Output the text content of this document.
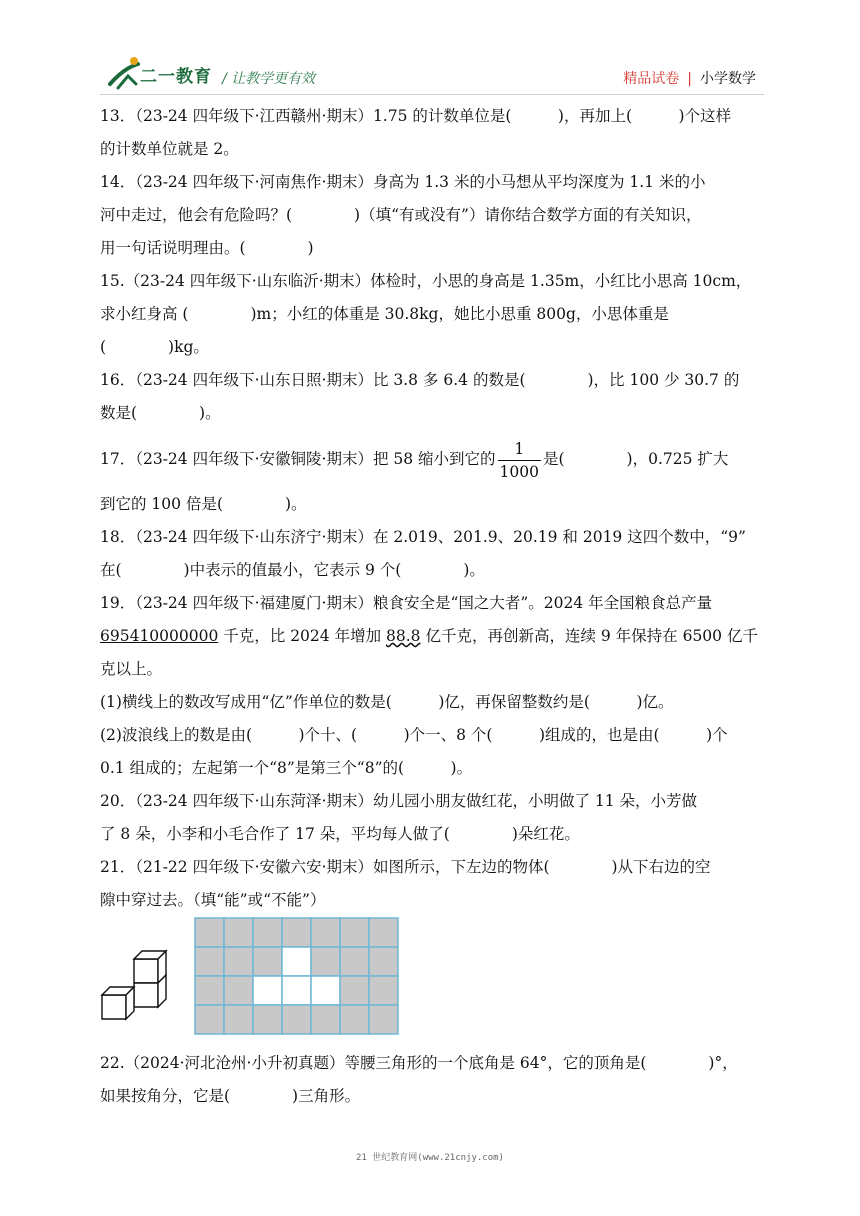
二一教育 / 让教学更有效	精品试卷 | 小学数学
13．（23-24 四年级下·江西赣州·期末）1.75 的计数单位是(　　　)，再加上(　　　)个这样
的计数单位就是 2。
14．（23-24 四年级下·河南焦作·期末）身高为 1.3 米的小马想从平均深度为 1.1 米的小
河中走过，他会有危险吗？(　　　　)（填“有或没有”）请你结合数学方面的有关知识，
用一句话说明理由。(　　　　)
15.（23-24 四年级下·山东临沂·期末）体检时，小思的身高是 1.35m，小红比小思高 10cm，
求小红身高 (　　　　)m；小红的体重是 30.8kg，她比小思重 800g，小思体重是
(　　　　)kg。
16．（23-24 四年级下·山东日照·期末）比 3.8 多 6.4 的数是(　　　　)，比 100 少 30.7 的
数是(　　　　)。
17．（23-24 四年级下·安徽铜陵·期末）把 58 缩小到它的 $\frac{1}{1000}$ 是(　　　　)，0.725 扩大
到它的 100 倍是(　　　　)。
18．（23-24 四年级下·山东济宁·期末）在 2.019、201.9、20.19 和 2019 这四个数中，“9”
在(　　　　)中表示的值最小，它表示 9 个(　　　　)。
19．（23-24 四年级下·福建厦门·期末）粮食安全是“国之大者”。2024 年全国粮食总产量
695410000000 千克，比 2024 年增加 88.8 亿千克，再创新高，连续 9 年保持在 6500 亿千
克以上。
(1)横线上的数改写成用“亿”作单位的数是(　　　)亿，再保留整数约是(　　　)亿。
(2)波浪线上的数是由(　　　)个十、(　　　)个一、8 个(　　　)组成的，也是由(　　　)个
0.1 组成的；左起第一个“8”是第三个“8”的(　　　)。
20．（23-24 四年级下·山东菏泽·期末）幼儿园小朋友做红花，小明做了 11 朵，小芳做
了 8 朵，小李和小毛合作了 17 朵，平均每人做了(　　　　)朵红花。
21．（21-22 四年级下·安徽六安·期末）如图所示，下左边的物体(　　　　)从下右边的空
隙中穿过去。（填“能”或“不能”）
22.（2024·河北沧州·小升初真题）等腰三角形的一个底角是 64°，它的顶角是(　　　　)°，
如果按角分，它是(　　　　)三角形。
21 世纪教育网(www.21cnjy.com)
